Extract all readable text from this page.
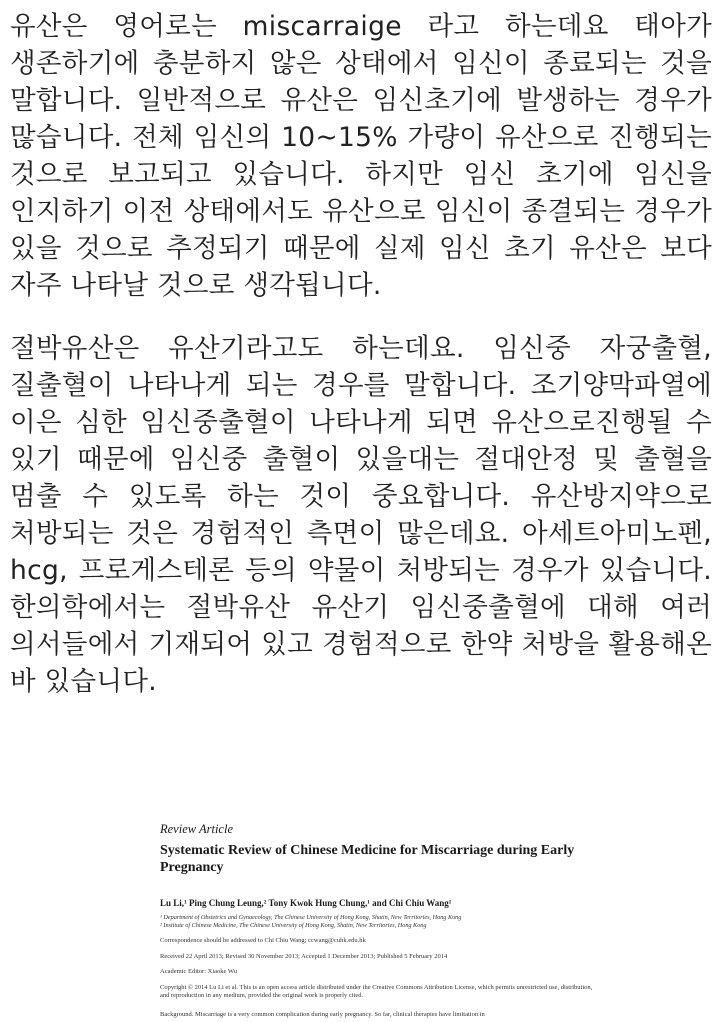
유산은 영어로는 miscarraige 라고 하는데요 태아가 생존하기에 충분하지 않은 상태에서 임신이 종료되는 것을 말합니다. 일반적으로 유산은 임신초기에 발생하는 경우가 많습니다. 전체 임신의 10~15% 가량이 유산으로 진행되는 것으로 보고되고 있습니다. 하지만 임신 초기에 임신을 인지하기 이전 상태에서도 유산으로 임신이 종결되는 경우가 있을 것으로 추정되기 때문에 실제 임신 초기 유산은 보다 자주 나타날 것으로 생각됩니다.

절박유산은 유산기라고도 하는데요. 임신중 자궁출혈, 질출혈이 나타나게 되는 경우를 말합니다. 조기양막파열에 이은 심한 임신중출혈이 나타나게 되면 유산으로진행될 수 있기 때문에 임신중 출혈이 있을대는 절대안정 및 출혈을 멈출 수 있도록 하는 것이 중요합니다. 유산방지약으로 처방되는 것은 경험적인 측면이 많은데요. 아세트아미노펜, hcg, 프로게스테론 등의 약물이 처방되는 경우가 있습니다. 한의학에서는 절박유산 유산기 임신중출혈에 대해 여러 의서들에서 기재되어 있고 경험적으로 한약 처방을 활용해온 바 있습니다.

Review Article

Systematic Review of Chinese Medicine for Miscarriage during Early Pregnancy

Lu Li,¹ Ping Chung Leung,² Tony Kwok Hung Chung,¹ and Chi Chiu Wang¹

¹ Department of Obstetrics and Gynaecology, The Chinese University of Hong Kong, Shatin, New Territories, Hong Kong

² Institute of Chinese Medicine, The Chinese University of Hong Kong, Shatin, New Territories, Hong Kong

Correspondence should be addressed to Chi Chiu Wang; ccwang@cuhk.edu.hk

Received 22 April 2013; Revised 30 November 2013; Accepted 1 December 2013; Published 5 February 2014

Academic Editor: Xiaoke Wu

Copyright © 2014 Lu Li et al. This is an open access article distributed under the Creative Commons Attribution License, which permits unrestricted use, distribution, and reproduction in any medium, provided the original work is properly cited.

Background. Miscarriage is a very common complication during early pregnancy. So far, clinical therapies have limitation in
